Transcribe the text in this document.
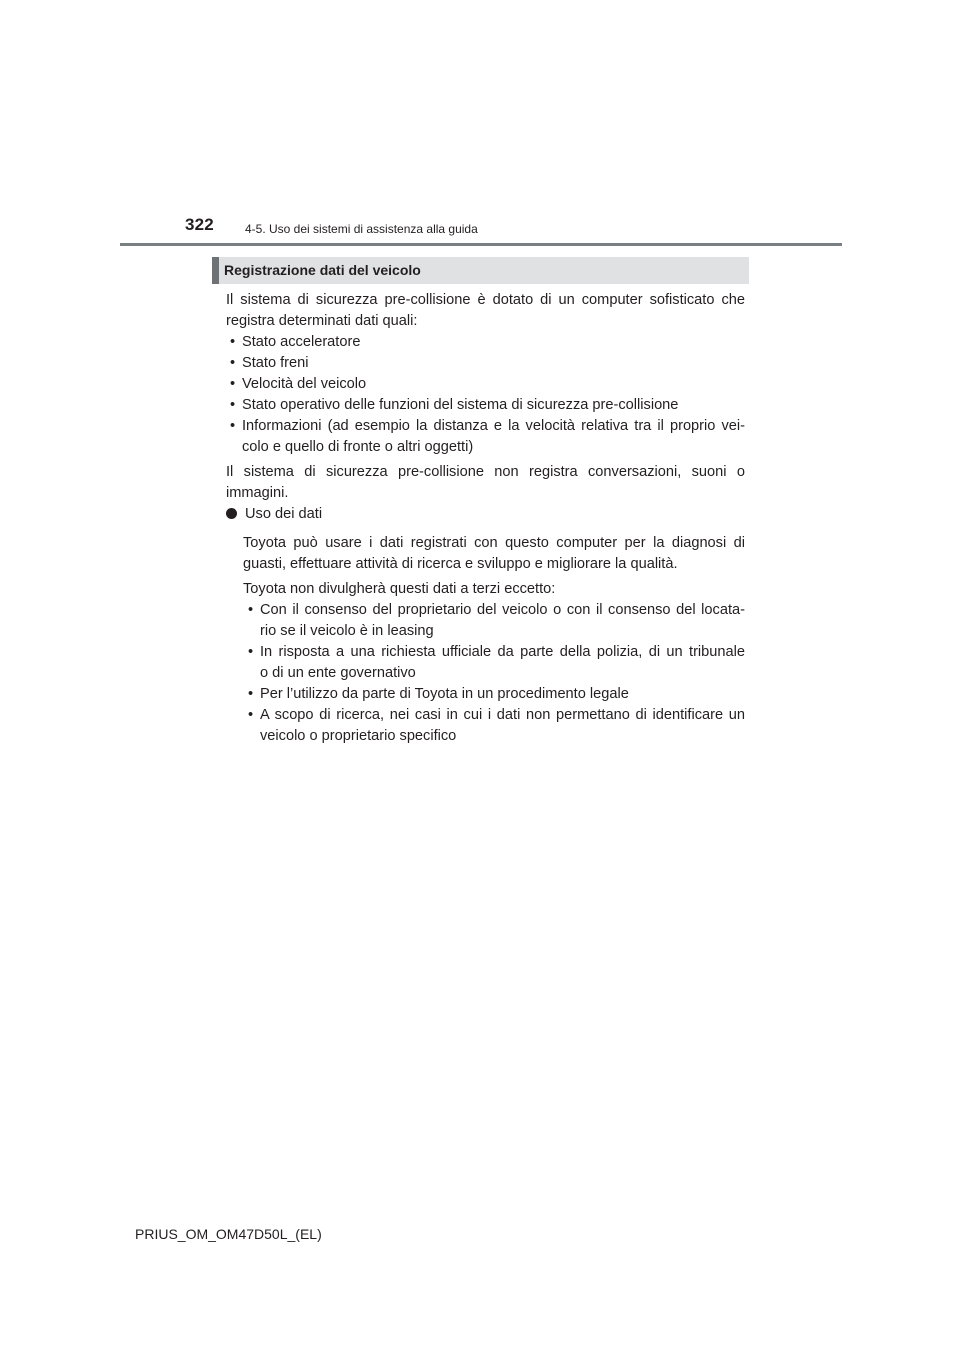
322	4-5. Uso dei sistemi di assistenza alla guida
Registrazione dati del veicolo

Il sistema di sicurezza pre-collisione è dotato di un computer sofisticato che

registra determinati dati quali:

• Stato acceleratore

• Stato freni

• Velocità del veicolo

• Stato operativo delle funzioni del sistema di sicurezza pre-collisione

• Informazioni (ad esempio la distanza e la velocità relativa tra il proprio vei-

colo e quello di fronte o altri oggetti)

Il sistema di sicurezza pre-collisione non registra conversazioni, suoni o

immagini.

Uso dei dati

Toyota può usare i dati registrati con questo computer per la diagnosi di

guasti, effettuare attività di ricerca e sviluppo e migliorare la qualità.

Toyota non divulgherà questi dati a terzi eccetto:

• Con il consenso del proprietario del veicolo o con il consenso del locata-

rio se il veicolo è in leasing

• In risposta a una richiesta ufficiale da parte della polizia, di un tribunale

o di un ente governativo

• Per l’utilizzo da parte di Toyota in un procedimento legale

• A scopo di ricerca, nei casi in cui i dati non permettano di identificare un

veicolo o proprietario specifico

PRIUS_OM_OM47D50L_(EL)
